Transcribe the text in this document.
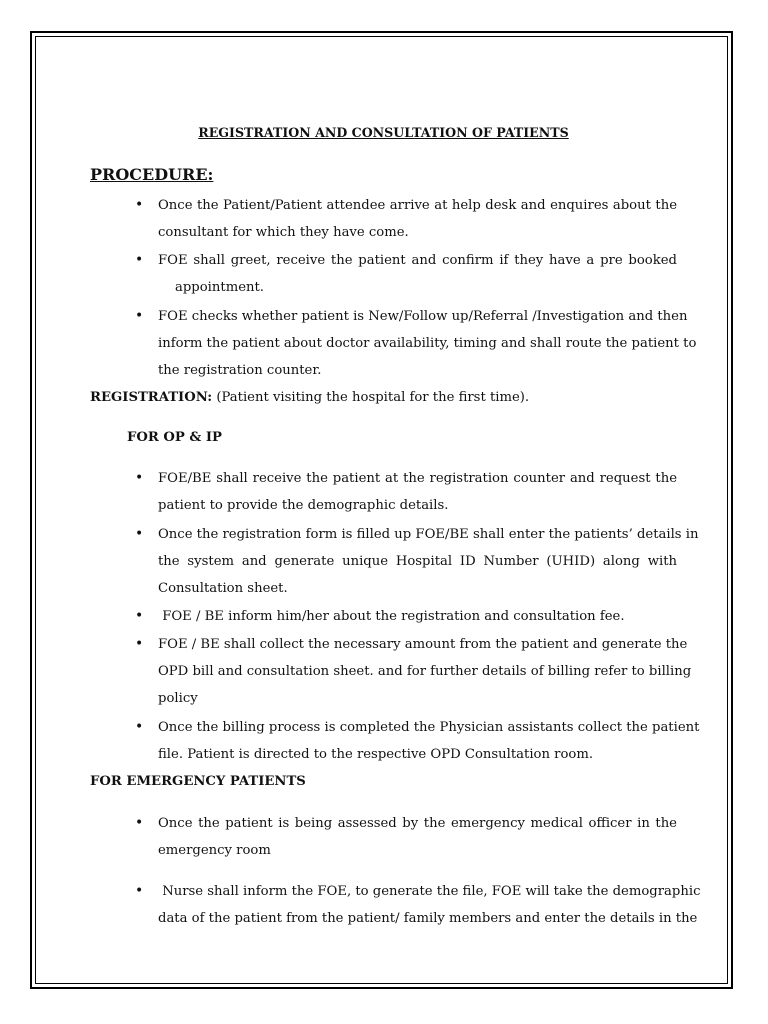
REGISTRATION AND CONSULTATION OF PATIENTS
PROCEDURE:
• Once the Patient/Patient attendee arrive at help desk and enquires about the
consultant for which they have come.
• FOE shall greet, receive the patient and confirm if they have a pre booked
appointment.
• FOE checks whether patient is New/Follow up/Referral /Investigation and then
inform the patient about doctor availability, timing and shall route the patient to
the registration counter.
REGISTRATION: (Patient visiting the hospital for the first time).
FOR OP & IP
• FOE/BE shall receive the patient at the registration counter and request the
patient to provide the demographic details.
• Once the registration form is filled up FOE/BE shall enter the patients’ details in
the system and generate unique Hospital ID Number (UHID) along with
Consultation sheet.
• FOE / BE inform him/her about the registration and consultation fee.
• FOE / BE shall collect the necessary amount from the patient and generate the
OPD bill and consultation sheet. and for further details of billing refer to billing
policy
• Once the billing process is completed the Physician assistants collect the patient
file. Patient is directed to the respective OPD Consultation room.
FOR EMERGENCY PATIENTS
• Once the patient is being assessed by the emergency medical officer in the
emergency room
• Nurse shall inform the FOE, to generate the file, FOE will take the demographic
data of the patient from the patient/ family members and enter the details in the
